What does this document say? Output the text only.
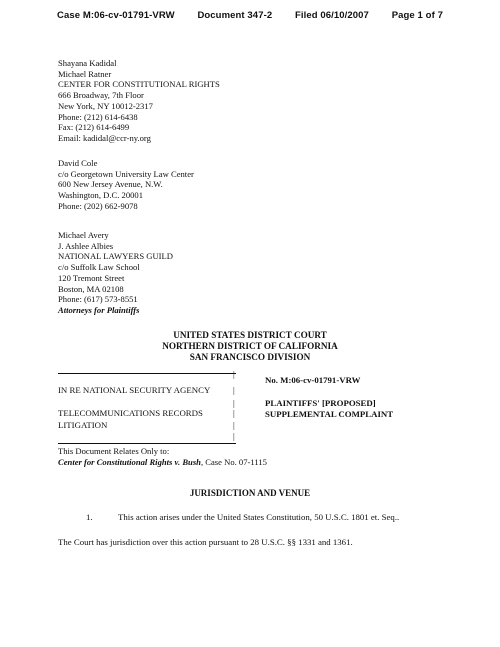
Case M:06-cv-01791-VRW Document 347-2 Filed 06/10/2007 Page 1 of 7
Shayana Kadidal
Michael Ratner
CENTER FOR CONSTITUTIONAL RIGHTS
666 Broadway, 7th Floor
New York, NY 10012-2317
Phone: (212) 614-6438
Fax: (212) 614-6499
Email: kadidal@ccr-ny.org
David Cole
c/o Georgetown University Law Center
600 New Jersey Avenue, N.W.
Washington, D.C. 20001
Phone: (202) 662-9078
Michael Avery
J. Ashlee Albies
NATIONAL LAWYERS GUILD
c/o Suffolk Law School
120 Tremont Street
Boston, MA 02108
Phone: (617) 573-8551
Attorneys for Plaintiffs
UNITED STATES DISTRICT COURT
NORTHERN DISTRICT OF CALIFORNIA
SAN FRANCISCO DIVISION
|
IN RE NATIONAL SECURITY AGENCY	|
|
TELECOMMUNICATIONS RECORDS	|
LITIGATION	|
|
No. M:06-cv-01791-VRW
PLAINTIFFS' [PROPOSED]
SUPPLEMENTAL COMPLAINT
This Document Relates Only to:
Center for Constitutional Rights v. Bush, Case No. 07-1115
JURISDICTION AND VENUE
1.	This action arises under the United States Constitution, 50 U.S.C. 1801 et. Seq..
The Court has jurisdiction over this action pursuant to 28 U.S.C. §§ 1331 and 1361.
